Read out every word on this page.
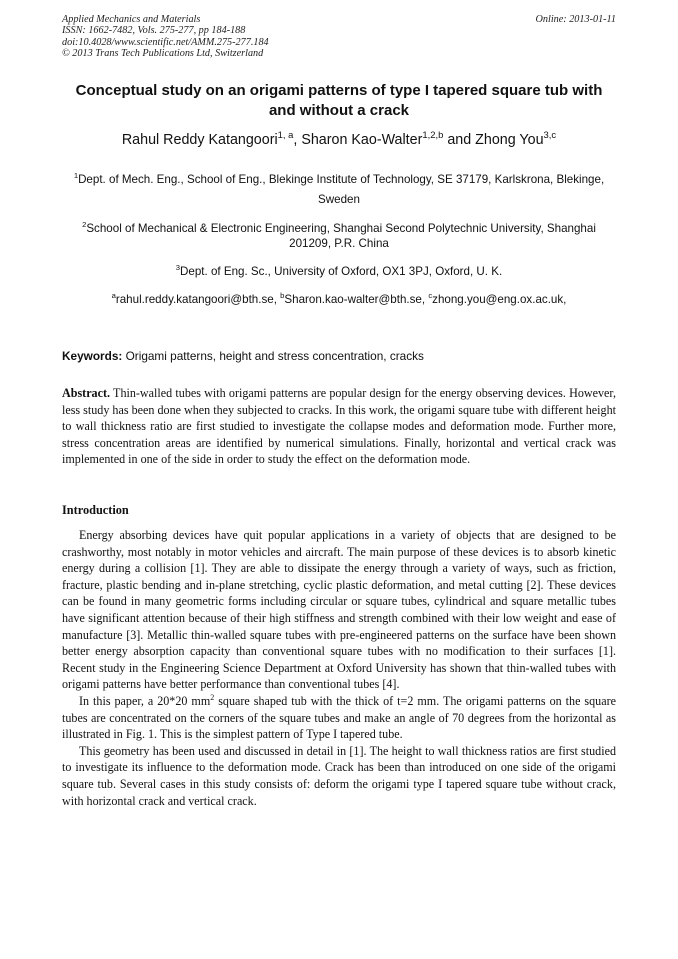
Applied Mechanics and Materials	Online: 2013-01-11
ISSN: 1662-7482, Vols. 275-277, pp 184-188
doi:10.4028/www.scientific.net/AMM.275-277.184
© 2013 Trans Tech Publications Ltd, Switzerland
Conceptual study on an origami patterns of type I tapered square tub with and without a crack
Rahul Reddy Katangoori$^{1, a}$, Sharon Kao-Walter$^{1,2,b}$ and Zhong You$^{3,c}$
$^1$Dept. of Mech. Eng., School of Eng., Blekinge Institute of Technology, SE 37179, Karlskrona, Blekinge, Sweden
$^2$School of Mechanical & Electronic Engineering, Shanghai Second Polytechnic University, Shanghai 201209, P.R. China
$^3$Dept. of Eng. Sc., University of Oxford, OX1 3PJ, Oxford, U. K.
$^a$rahul.reddy.katangoori@bth.se, $^b$Sharon.kao-walter@bth.se, $^c$zhong.you@eng.ox.ac.uk,
Keywords: Origami patterns, height and stress concentration, cracks
Abstract. Thin-walled tubes with origami patterns are popular design for the energy observing devices. However, less study has been done when they subjected to cracks. In this work, the origami square tube with different height to wall thickness ratio are first studied to investigate the collapse modes and deformation mode. Further more, stress concentration areas are identified by numerical simulations. Finally, horizontal and vertical crack was implemented in one of the side in order to study the effect on the deformation mode.
Introduction

Energy absorbing devices have quit popular applications in a variety of objects that are designed to be crashworthy, most notably in motor vehicles and aircraft. The main purpose of these devices is to absorb kinetic energy during a collision [1]. They are able to dissipate the energy through a variety of ways, such as friction, fracture, plastic bending and in-plane stretching, cyclic plastic deformation, and metal cutting [2]. These devices can be found in many geometric forms including circular or square tubes, cylindrical and square metallic tubes have significant attention because of their high stiffness and strength combined with their low weight and ease of manufacture [3]. Metallic thin-walled square tubes with pre-engineered patterns on the surface have been shown better energy absorption capacity than conventional square tubes with no modification to their surfaces [1]. Recent study in the Engineering Science Department at Oxford University has shown that thin-walled tubes with origami patterns have better performance than conventional tubes [4].

In this paper, a 20*20 $mm^2$ square shaped tub with the thick of t=2 mm. The origami patterns on the square tubes are concentrated on the corners of the square tubes and make an angle of 70 degrees from the horizontal as illustrated in Fig. 1. This is the simplest pattern of Type I tapered tube.

This geometry has been used and discussed in detail in [1]. The height to wall thickness ratios are first studied to investigate its influence to the deformation mode. Crack has been than introduced on one side of the origami square tub. Several cases in this study consists of: deform the origami type I tapered square tube without crack, with horizontal crack and vertical crack.
